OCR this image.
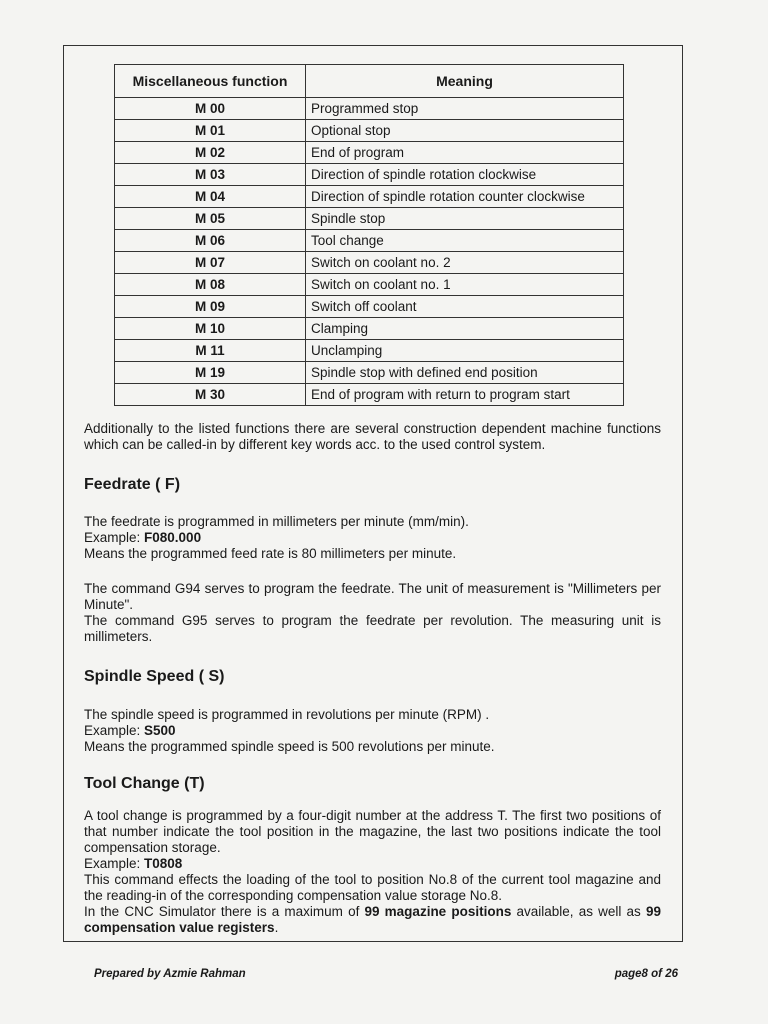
Miscellaneous function	Meaning
M 00	Programmed stop
M 01	Optional stop
M 02	End of program
M 03	Direction of spindle rotation clockwise
M 04	Direction of spindle rotation counter clockwise
M 05	Spindle stop
M 06	Tool change
M 07	Switch on coolant no. 2
M 08	Switch on coolant no. 1
M 09	Switch off coolant
M 10	Clamping
M 11	Unclamping
M 19	Spindle stop with defined end position
M 30	End of program with return to program start
Additionally to the listed functions there are several construction dependent machine functions which can be called-in by different key words acc. to the used control system.
Feedrate ( F)

The feedrate is programmed in millimeters per minute (mm/min).

Example: F080.000

Means the programmed feed rate is 80 millimeters per minute.

The command G94 serves to program the feedrate. The unit of measurement is "Millimeters per Minute".

The command G95 serves to program the feedrate per revolution. The measuring unit is millimeters.

Spindle Speed ( S)

The spindle speed is programmed in revolutions per minute (RPM) .

Example: S500

Means the programmed spindle speed is 500 revolutions per minute.

Tool Change (T)

A tool change is programmed by a four-digit number at the address T. The first two positions of that number indicate the tool position in the magazine, the last two positions indicate the tool compensation storage.

Example: T0808

This command effects the loading of the tool to position No.8 of the current tool magazine and the reading-in of the corresponding compensation value storage No.8.

In the CNC Simulator there is a maximum of 99 magazine positions available, as well as 99 compensation value registers.

Prepared by Azmie Rahman	page8 of 26
